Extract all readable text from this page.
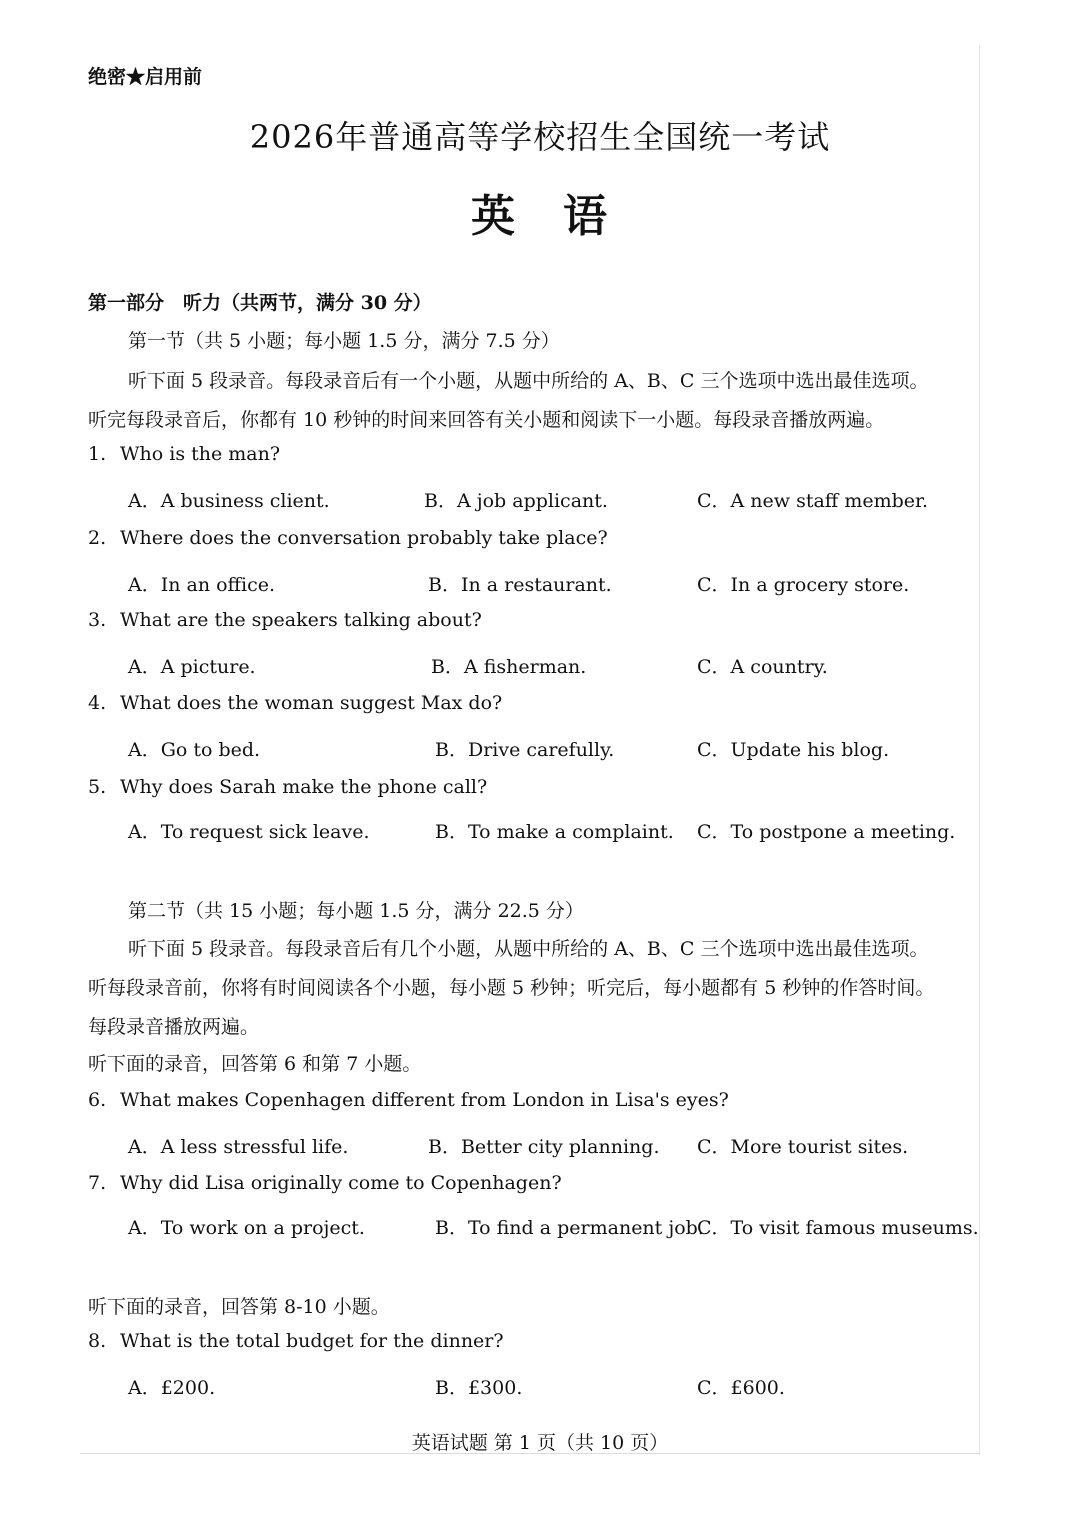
绝密★启用前
2026年普通高等学校招生全国统一考试
英　语
第一部分　听力（共两节，满分 30 分）
第一节（共 5 小题；每小题 1.5 分，满分 7.5 分）
听下面 5 段录音。每段录音后有一个小题，从题中所给的 A、B、C 三个选项中选出最佳选项。
听完每段录音后，你都有 10 秒钟的时间来回答有关小题和阅读下一小题。每段录音播放两遍。
1. Who is the man?
A．A business client.	B．A job applicant.	C．A new staff member.
2. Where does the conversation probably take place?
A．In an office.	B．In a restaurant.	C．In a grocery store.
3. What are the speakers talking about?
A．A picture.	B．A fisherman.	C．A country.
4. What does the woman suggest Max do?
A．Go to bed.	B．Drive carefully.	C．Update his blog.
5. Why does Sarah make the phone call?
A．To request sick leave.	B．To make a complaint. C．To postpone a meeting.
第二节（共 15 小题；每小题 1.5 分，满分 22.5 分）
听下面 5 段录音。每段录音后有几个小题，从题中所给的 A、B、C 三个选项中选出最佳选项。
听每段录音前，你将有时间阅读各个小题，每小题 5 秒钟；听完后，每小题都有 5 秒钟的作答时间。
每段录音播放两遍。
听下面的录音，回答第 6 和第 7 小题。
6. What makes Copenhagen different from London in Lisa's eyes?
A．A less stressful life.	B．Better city planning. C．More tourist sites.
7. Why did Lisa originally come to Copenhagen?
A．To work on a project.	B．To find a permanent job.
C．To visit famous museums.
听下面的录音，回答第 8-10 小题。
8. What is the total budget for the dinner?
A．£200.	B．£300.	C．£600.
英语试题 第 1 页（共 10 页）
